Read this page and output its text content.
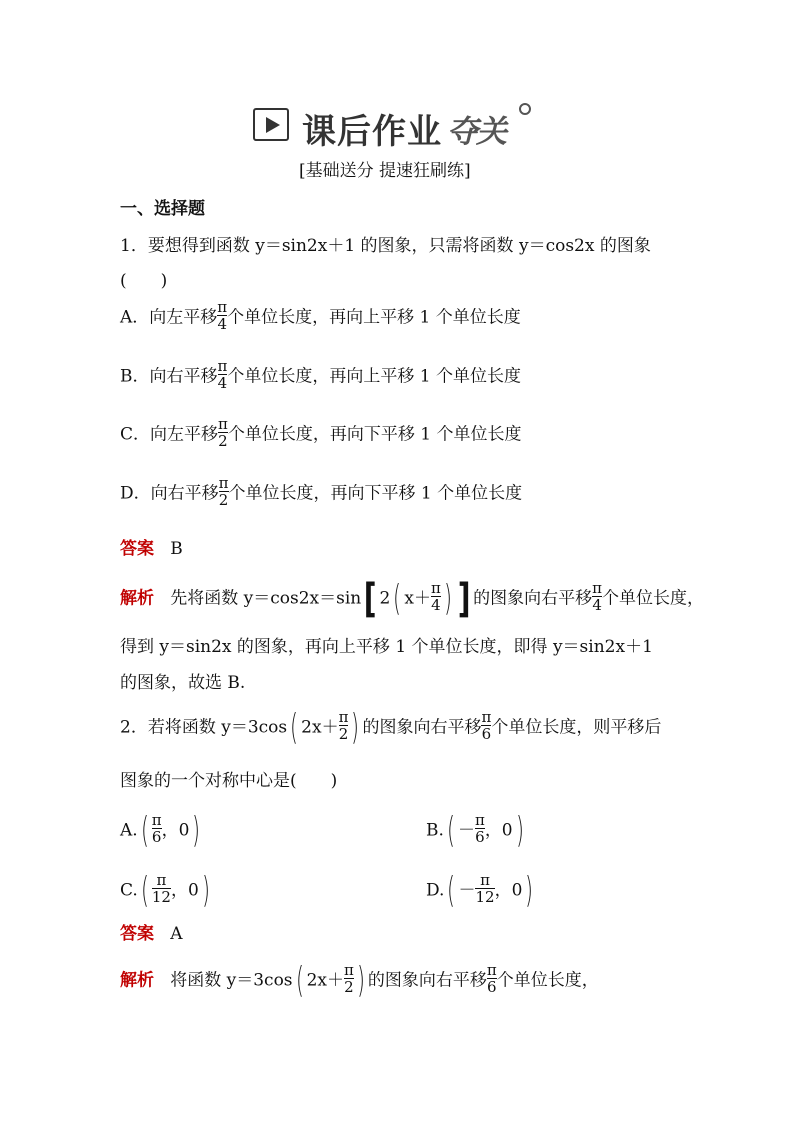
课后作业 夺关
[基础送分 提速狂刷练]
一、选择题
1．要想得到函数 y＝sin2x＋1 的图象，只需将函数 y＝cos2x 的图象
(　　)
A．向左平移 $\frac{\pi}{4}$ 个单位长度，再向上平移 1 个单位长度
B．向右平移 $\frac{\pi}{4}$ 个单位长度，再向上平移 1 个单位长度
C．向左平移 $\frac{\pi}{2}$ 个单位长度，再向下平移 1 个单位长度
D．向右平移 $\frac{\pi}{2}$ 个单位长度，再向下平移 1 个单位长度
答案 B
解析 先将函数 y＝cos2x＝sin[ 2( $x+ \frac{\pi}{4}$ ) ] 的图象向右平移 $\frac{\pi}{4}$ 个单位长度，
得到 y＝sin2x 的图象，再向上平移 1 个单位长度，即得 y＝sin2x＋1
的图象，故选 B.
2．若将函数 y＝3cos( $2x+ \frac{\pi}{2}$ ) 的图象向右平移 $\frac{\pi}{6}$ 个单位长度，则平移后
图象的一个对称中心是(　　)
$A.( \frac{\pi}{6}$ ，0)	$B.( - \frac{\pi}{6}$ ，0)
$C.( \frac{\pi}{12}$ ，0)	$D.( - \frac{\pi}{12}$ ，0)
答案 A
解析 将函数 y＝3cos( $2x+ \frac{\pi}{2}$ ) 的图象向右平移 $\frac{\pi}{6}$ 个单位长度，
